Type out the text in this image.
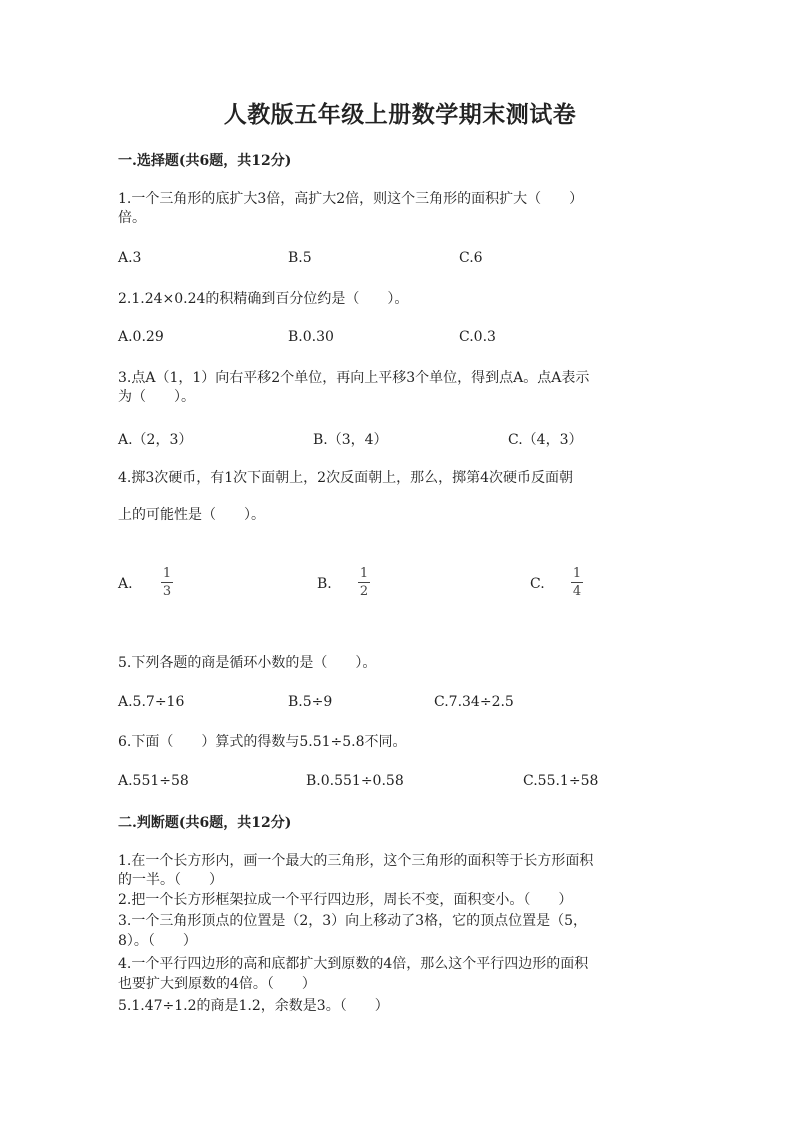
人教版五年级上册数学期末测试卷
一.选择题(共6题，共12分)
1.一个三角形的底扩大3倍，高扩大2倍，则这个三角形的面积扩大（　　）
倍。
A.3	B.5	C.6
2.1.24×0.24的积精确到百分位约是（　　）。
A.0.29	B.0.30	C.0.3
3.点A（1，1）向右平移2个单位，再向上平移3个单位，得到点A。点A表示
为（　　）。
A.（2，3）	B.（3，4）	C.（4，3）
4.掷3次硬币，有1次下面朝上，2次反面朝上，那么，掷第4次硬币反面朝
上的可能性是（　　）。
A.
1
3	B.
1
2	C.
1
4
5.下列各题的商是循环小数的是（　　）。
A.5.7÷16	B.5÷9	C.7.34÷2.5
6.下面（　　）算式的得数与5.51÷5.8不同。
A.551÷58	B.0.551÷0.58	C.55.1÷58
二.判断题(共6题，共12分)
1.在一个长方形内，画一个最大的三角形，这个三角形的面积等于长方形面积
的一半。（　　）
2.把一个长方形框架拉成一个平行四边形，周长不变，面积变小。（　　）
3.一个三角形顶点的位置是（2，3）向上移动了3格，它的顶点位置是（5，
8）。（　　）
4.一个平行四边形的高和底都扩大到原数的4倍，那么这个平行四边形的面积
也要扩大到原数的4倍。（　　）
5.1.47÷1.2的商是1.2，余数是3。（　　）
